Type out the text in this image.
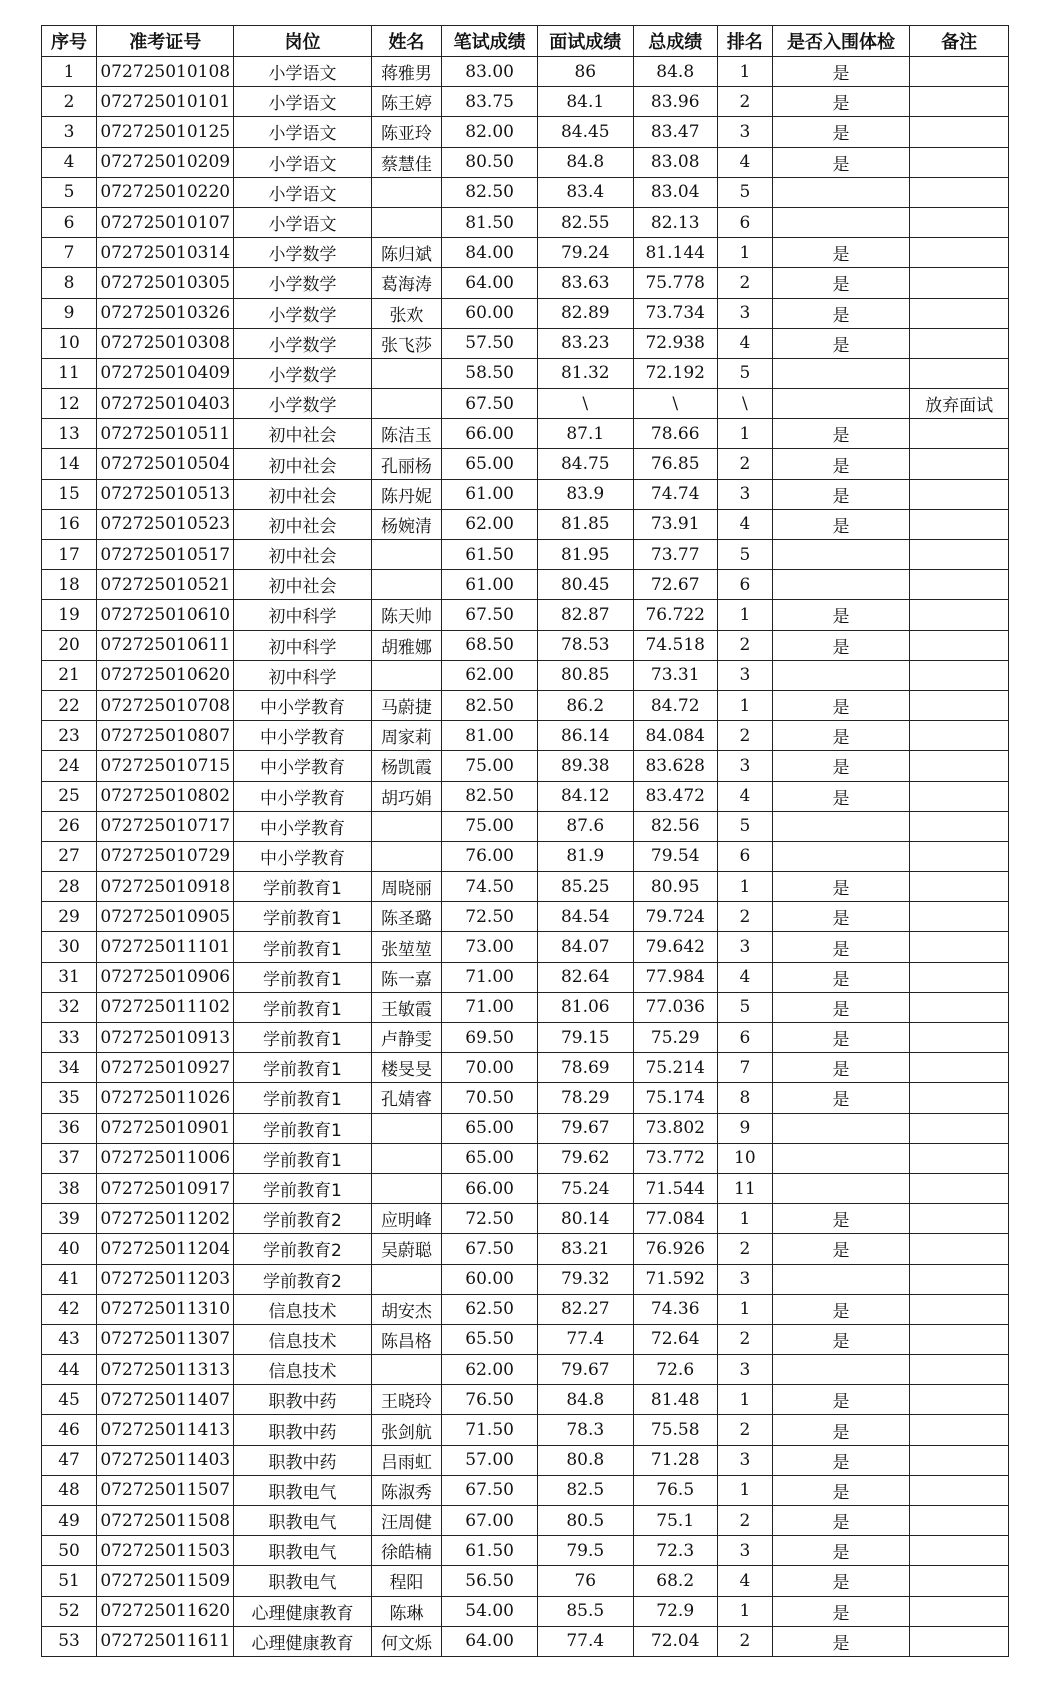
序号	准考证号	岗位	姓名	笔试成绩	面试成绩	总成绩	排名	是否入围体检	备注
1	072725010108	小学语文	蒋雅男	83.00	86	84.8	1	是	
2	072725010101	小学语文	陈王婷	83.75	84.1	83.96	2	是	
3	072725010125	小学语文	陈亚玲	82.00	84.45	83.47	3	是	
4	072725010209	小学语文	蔡慧佳	80.50	84.8	83.08	4	是	
5	072725010220	小学语文		82.50	83.4	83.04	5		
6	072725010107	小学语文		81.50	82.55	82.13	6		
7	072725010314	小学数学	陈归斌	84.00	79.24	81.144	1	是	
8	072725010305	小学数学	葛海涛	64.00	83.63	75.778	2	是	
9	072725010326	小学数学	张欢	60.00	82.89	73.734	3	是	
10	072725010308	小学数学	张飞莎	57.50	83.23	72.938	4	是	
11	072725010409	小学数学		58.50	81.32	72.192	5		
12	072725010403	小学数学		67.50	\	\	\		放弃面试
13	072725010511	初中社会	陈洁玉	66.00	87.1	78.66	1	是	
14	072725010504	初中社会	孔丽杨	65.00	84.75	76.85	2	是	
15	072725010513	初中社会	陈丹妮	61.00	83.9	74.74	3	是	
16	072725010523	初中社会	杨婉清	62.00	81.85	73.91	4	是	
17	072725010517	初中社会		61.50	81.95	73.77	5		
18	072725010521	初中社会		61.00	80.45	72.67	6		
19	072725010610	初中科学	陈天帅	67.50	82.87	76.722	1	是	
20	072725010611	初中科学	胡雅娜	68.50	78.53	74.518	2	是	
21	072725010620	初中科学		62.00	80.85	73.31	3		
22	072725010708	中小学教育	马蔚捷	82.50	86.2	84.72	1	是	
23	072725010807	中小学教育	周家莉	81.00	86.14	84.084	2	是	
24	072725010715	中小学教育	杨凯霞	75.00	89.38	83.628	3	是	
25	072725010802	中小学教育	胡巧娟	82.50	84.12	83.472	4	是	
26	072725010717	中小学教育		75.00	87.6	82.56	5		
27	072725010729	中小学教育		76.00	81.9	79.54	6		
28	072725010918	学前教育1	周晓丽	74.50	85.25	80.95	1	是	
29	072725010905	学前教育1	陈圣璐	72.50	84.54	79.724	2	是	
30	072725011101	学前教育1	张堃堃	73.00	84.07	79.642	3	是	
31	072725010906	学前教育1	陈一嘉	71.00	82.64	77.984	4	是	
32	072725011102	学前教育1	王敏霞	71.00	81.06	77.036	5	是	
33	072725010913	学前教育1	卢静雯	69.50	79.15	75.29	6	是	
34	072725010927	学前教育1	楼旻旻	70.00	78.69	75.214	7	是	
35	072725011026	学前教育1	孔婧睿	70.50	78.29	75.174	8	是	
36	072725010901	学前教育1		65.00	79.67	73.802	9		
37	072725011006	学前教育1		65.00	79.62	73.772	10		
38	072725010917	学前教育1		66.00	75.24	71.544	11		
39	072725011202	学前教育2	应明峰	72.50	80.14	77.084	1	是	
40	072725011204	学前教育2	吴蔚聪	67.50	83.21	76.926	2	是	
41	072725011203	学前教育2		60.00	79.32	71.592	3		
42	072725011310	信息技术	胡安杰	62.50	82.27	74.36	1	是	
43	072725011307	信息技术	陈昌格	65.50	77.4	72.64	2	是	
44	072725011313	信息技术		62.00	79.67	72.6	3		
45	072725011407	职教中药	王晓玲	76.50	84.8	81.48	1	是	
46	072725011413	职教中药	张剑航	71.50	78.3	75.58	2	是	
47	072725011403	职教中药	吕雨虹	57.00	80.8	71.28	3	是	
48	072725011507	职教电气	陈淑秀	67.50	82.5	76.5	1	是	
49	072725011508	职教电气	汪周健	67.00	80.5	75.1	2	是	
50	072725011503	职教电气	徐皓楠	61.50	79.5	72.3	3	是	
51	072725011509	职教电气	程阳	56.50	76	68.2	4	是	
52	072725011620	心理健康教育	陈琳	54.00	85.5	72.9	1	是	
53	072725011611	心理健康教育	何文烁	64.00	77.4	72.04	2	是	
